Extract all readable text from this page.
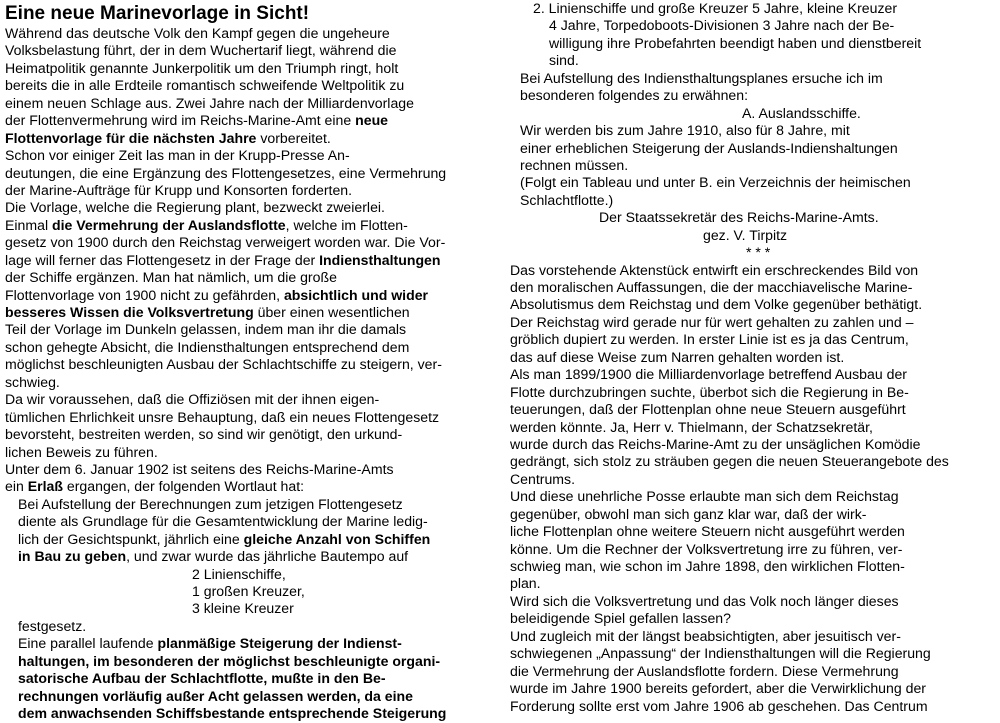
Eine neue Marinevorlage in Sicht!
Während das deutsche Volk den Kampf gegen die ungeheure
Volksbelastung führt, der in dem Wuchertarif liegt, während die
Heimatpolitik genannte Junkerpolitik um den Triumph ringt, holt
bereits die in alle Erdteile romantisch schweifende Weltpolitik zu
einem neuen Schlage aus. Zwei Jahre nach der Milliardenvorlage
der Flottenvermehrung wird im Reichs-Marine-Amt eine neue
Flottenvorlage für die nächsten Jahre vorbereitet.
Schon vor einiger Zeit las man in der Krupp-Presse An-
deutungen, die eine Ergänzung des Flottengesetzes, eine Vermehrung
der Marine-Aufträge für Krupp und Konsorten forderten.
Die Vorlage, welche die Regierung plant, bezweckt zweierlei.
Einmal die Vermehrung der Auslandsflotte, welche im Flotten-
gesetz von 1900 durch den Reichstag verweigert worden war. Die Vor-
lage will ferner das Flottengesetz in der Frage der Indiensthaltungen
der Schiffe ergänzen. Man hat nämlich, um die große
Flottenvorlage von 1900 nicht zu gefährden, absichtlich und wider
besseres Wissen die Volksvertretung über einen wesentlichen
Teil der Vorlage im Dunkeln gelassen, indem man ihr die damals
schon gehegte Absicht, die Indiensthaltungen entsprechend dem
möglichst beschleunigten Ausbau der Schlachtschiffe zu steigern, ver-
schwieg.
Da wir voraussehen, daß die Offiziösen mit der ihnen eigen-
tümlichen Ehrlichkeit unsre Behauptung, daß ein neues Flottengesetz
bevorsteht, bestreiten werden, so sind wir genötigt, den urkund-
lichen Beweis zu führen.
Unter dem 6. Januar 1902 ist seitens des Reichs-Marine-Amts
ein Erlaß ergangen, der folgenden Wortlaut hat:
Bei Aufstellung der Berechnungen zum jetzigen Flottengesetz
diente als Grundlage für die Gesamtentwicklung der Marine ledig-
lich der Gesichtspunkt, jährlich eine gleiche Anzahl von Schiffen
in Bau zu geben, und zwar wurde das jährliche Bautempo auf
2 Linienschiffe,
1 großen Kreuzer,
3 kleine Kreuzer
festgesetz.
Eine parallel laufende planmäßige Steigerung der Indienst-
haltungen, im besonderen der möglichst beschleunigte organi-
satorische Aufbau der Schlachtflotte, mußte in den Be-
rechnungen vorläufig außer Acht gelassen werden, da eine
dem anwachsenden Schiffsbestande entsprechende Steigerung
2. Linienschiffe und große Kreuzer 5 Jahre, kleine Kreuzer
4 Jahre, Torpedoboots-Divisionen 3 Jahre nach der Be-
willigung ihre Probefahrten beendigt haben und dienstbereit
sind.
Bei Aufstellung des Indiensthaltungsplanes ersuche ich im
besonderen folgendes zu erwähnen:
A. Auslandsschiffe.
Wir werden bis zum Jahre 1910, also für 8 Jahre, mit
einer erheblichen Steigerung der Auslands-Indienshaltungen
rechnen müssen.
(Folgt ein Tableau und unter B. ein Verzeichnis der heimischen
Schlachtflotte.)
Der Staatssekretär des Reichs-Marine-Amts.
gez. V. Tirpitz
* * *
Das vorstehende Aktenstück entwirft ein erschreckendes Bild von
den moralischen Auffassungen, die der macchiavelische Marine-
Absolutismus dem Reichstag und dem Volke gegenüber bethätigt.
Der Reichstag wird gerade nur für wert gehalten zu zahlen und –
gröblich dupiert zu werden. In erster Linie ist es ja das Centrum,
das auf diese Weise zum Narren gehalten worden ist.
Als man 1899/1900 die Milliardenvorlage betreffend Ausbau der
Flotte durchzubringen suchte, überbot sich die Regierung in Be-
teuerungen, daß der Flottenplan ohne neue Steuern ausgeführt
werden könnte. Ja, Herr v. Thielmann, der Schatzsekretär,
wurde durch das Reichs-Marine-Amt zu der unsäglichen Komödie
gedrängt, sich stolz zu sträuben gegen die neuen Steuerangebote des
Centrums.
Und diese unehrliche Posse erlaubte man sich dem Reichstag
gegenüber, obwohl man sich ganz klar war, daß der wirk-
liche Flottenplan ohne weitere Steuern nicht ausgeführt werden
könne. Um die Rechner der Volksvertretung irre zu führen, ver-
schwieg man, wie schon im Jahre 1898, den wirklichen Flotten-
plan.
Wird sich die Volksvertretung und das Volk noch länger dieses
beleidigende Spiel gefallen lassen?
Und zugleich mit der längst beabsichtigten, aber jesuitisch ver-
schwiegenen „Anpassung“ der Indiensthaltungen will die Regierung
die Vermehrung der Auslandsflotte fordern. Diese Vermehrung
wurde im Jahre 1900 bereits gefordert, aber die Verwirklichung der
Forderung sollte erst vom Jahre 1906 ab geschehen. Das Centrum
